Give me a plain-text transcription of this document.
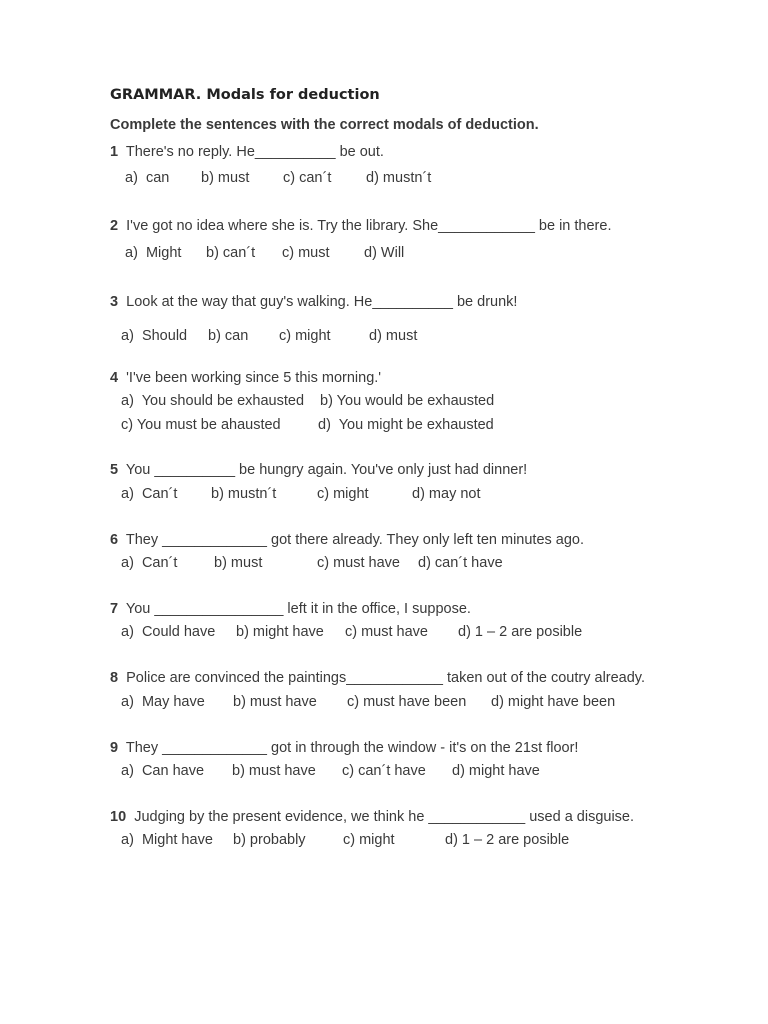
GRAMMAR. Modals for deduction
Complete the sentences with the correct modals of deduction.
1 There's no reply. He__________ be out.
a)  can b) must c) can´t d) mustn´t
2 I've got no idea where she is. Try the library. She____________ be in there.
a)  Might b) can´t c) must d) Will
3 Look at the way that guy's walking. He__________ be drunk!
a)  Should b) can c) might	d) must
4 'I've been working since 5 this morning.'
a)  You should be exhausted b) You would be exhausted
c) You must be ahausted	d)  You might be exhausted
5 You __________ be hungry again. You've only just had dinner!
a)  Can´t b) mustn´t	c) might	d) may not
6 They _____________ got there already. They only left ten minutes ago.
a)  Can´t	b) must	c) must have d) can´t have
7 You ________________ left it in the office, I suppose.
a)  Could have b) might have c) must have d) 1 – 2 are posible
8 Police are convinced the paintings____________ taken out of the coutry already.
a)  May have b) must have c) must have been d) might have been
9 They _____________ got in through the window - it's on the 21st floor!
a)  Can have b) must have c) can´t have d) might have
10 Judging by the present evidence, we think he ____________ used a disguise.
a)  Might have b) probably	c) might	d) 1 – 2 are posible
